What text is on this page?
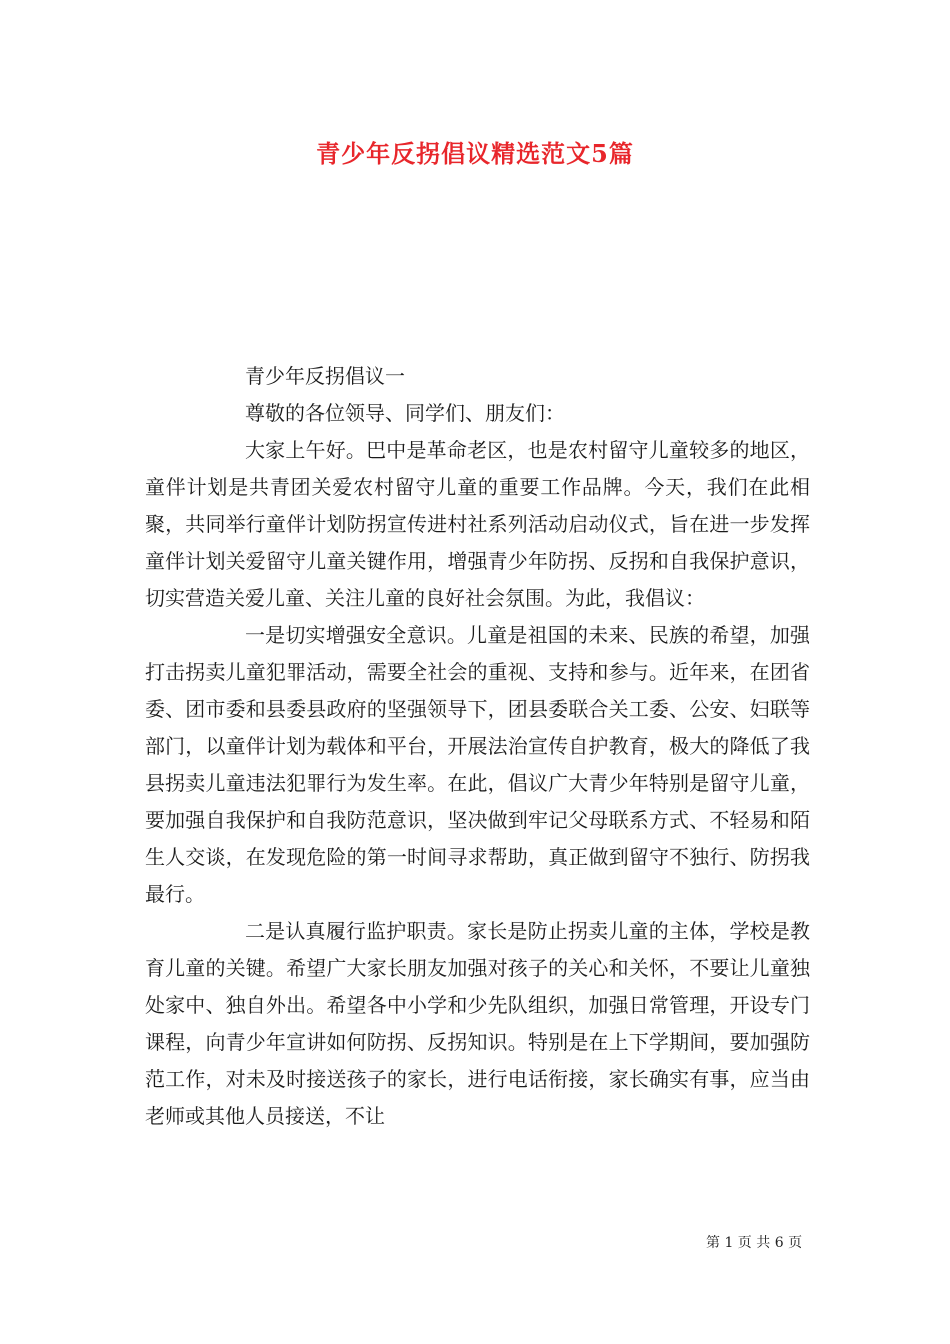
青少年反拐倡议精选范文5篇

青少年反拐倡议一

尊敬的各位领导、同学们、朋友们：

大家上午好。巴中是革命老区，也是农村留守儿童较多的地区，童伴计划是共青团关爱农村留守儿童的重要工作品牌。今天，我们在此相聚，共同举行童伴计划防拐宣传进村社系列活动启动仪式，旨在进一步发挥童伴计划关爱留守儿童关键作用，增强青少年防拐、反拐和自我保护意识，切实营造关爱儿童、关注儿童的良好社会氛围。为此，我倡议：

一是切实增强安全意识。儿童是祖国的未来、民族的希望，加强打击拐卖儿童犯罪活动，需要全社会的重视、支持和参与。近年来，在团省委、团市委和县委县政府的坚强领导下，团县委联合关工委、公安、妇联等部门，以童伴计划为载体和平台，开展法治宣传自护教育，极大的降低了我县拐卖儿童违法犯罪行为发生率。在此，倡议广大青少年特别是留守儿童，要加强自我保护和自我防范意识，坚决做到牢记父母联系方式、不轻易和陌生人交谈，在发现危险的第一时间寻求帮助，真正做到留守不独行、防拐我最行。

二是认真履行监护职责。家长是防止拐卖儿童的主体，学校是教育儿童的关键。希望广大家长朋友加强对孩子的关心和关怀，不要让儿童独处家中、独自外出。希望各中小学和少先队组织，加强日常管理，开设专门课程，向青少年宣讲如何防拐、反拐知识。特别是在上下学期间，要加强防范工作，对未及时接送孩子的家长，进行电话衔接，家长确实有事，应当由老师或其他人员接送，不让

第 1 页 共 6 页
